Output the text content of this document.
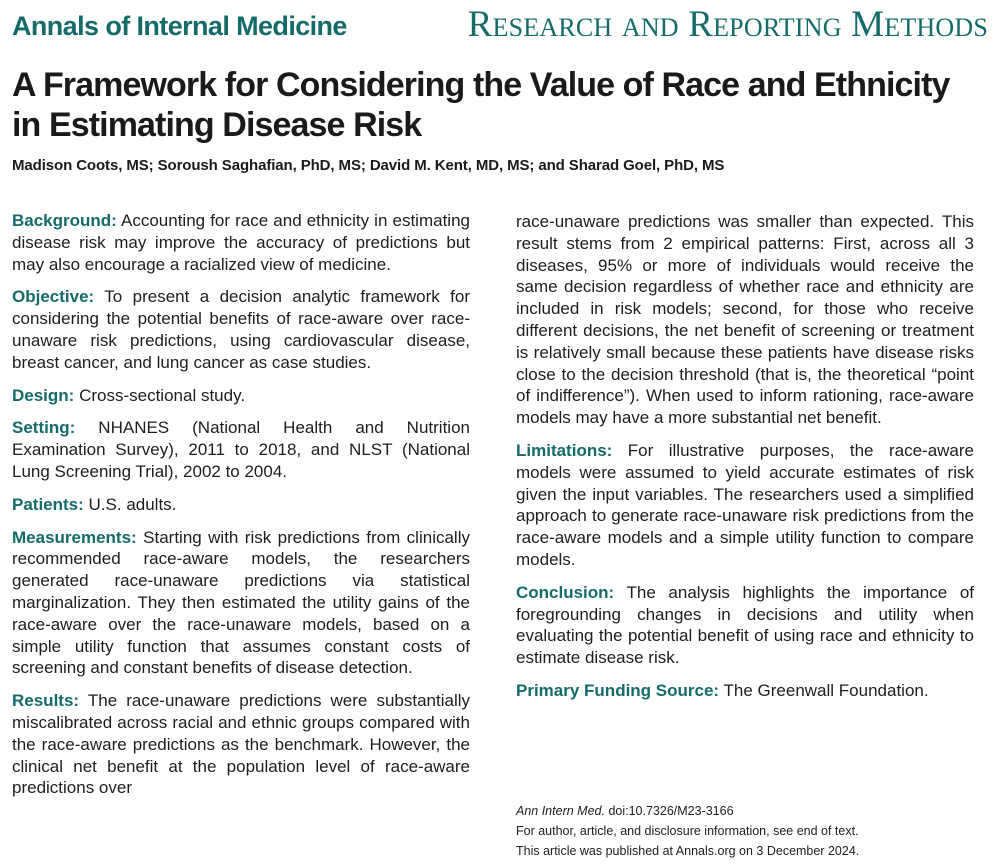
Annals of Internal Medicine	Research and Reporting Methods
A Framework for Considering the Value of Race and Ethnicity in Estimating Disease Risk
Madison Coots, MS; Soroush Saghafian, PhD, MS; David M. Kent, MD, MS; and Sharad Goel, PhD, MS

Background: Accounting for race and ethnicity in estimating disease risk may improve the accuracy of predictions but may also encourage a racialized view of medicine.

Objective: To present a decision analytic framework for considering the potential benefits of race-aware over race-unaware risk predictions, using cardiovascular disease, breast cancer, and lung cancer as case studies.

Design: Cross-sectional study.

Setting: NHANES (National Health and Nutrition Examination Survey), 2011 to 2018, and NLST (National Lung Screening Trial), 2002 to 2004.

Patients: U.S. adults.

Measurements: Starting with risk predictions from clinically recommended race-aware models, the researchers generated race-unaware predictions via statistical marginalization. They then estimated the utility gains of the race-aware over the race-unaware models, based on a simple utility function that assumes constant costs of screening and constant benefits of disease detection.

Results: The race-unaware predictions were substantially miscalibrated across racial and ethnic groups compared with the race-aware predictions as the benchmark. However, the clinical net benefit at the population level of race-aware predictions over

race-unaware predictions was smaller than expected. This result stems from 2 empirical patterns: First, across all 3 diseases, 95% or more of individuals would receive the same decision regardless of whether race and ethnicity are included in risk models; second, for those who receive different decisions, the net benefit of screening or treatment is relatively small because these patients have disease risks close to the decision threshold (that is, the theoretical “point of indifference”). When used to inform rationing, race-aware models may have a more substantial net benefit.

Limitations: For illustrative purposes, the race-aware models were assumed to yield accurate estimates of risk given the input variables. The researchers used a simplified approach to generate race-unaware risk predictions from the race-aware models and a simple utility function to compare models.

Conclusion: The analysis highlights the importance of foregrounding changes in decisions and utility when evaluating the potential benefit of using race and ethnicity to estimate disease risk.

Primary Funding Source: The Greenwall Foundation.

Ann Intern Med. doi:10.7326/M23-3166
For author, article, and disclosure information, see end of text.
This article was published at Annals.org on 3 December 2024.
